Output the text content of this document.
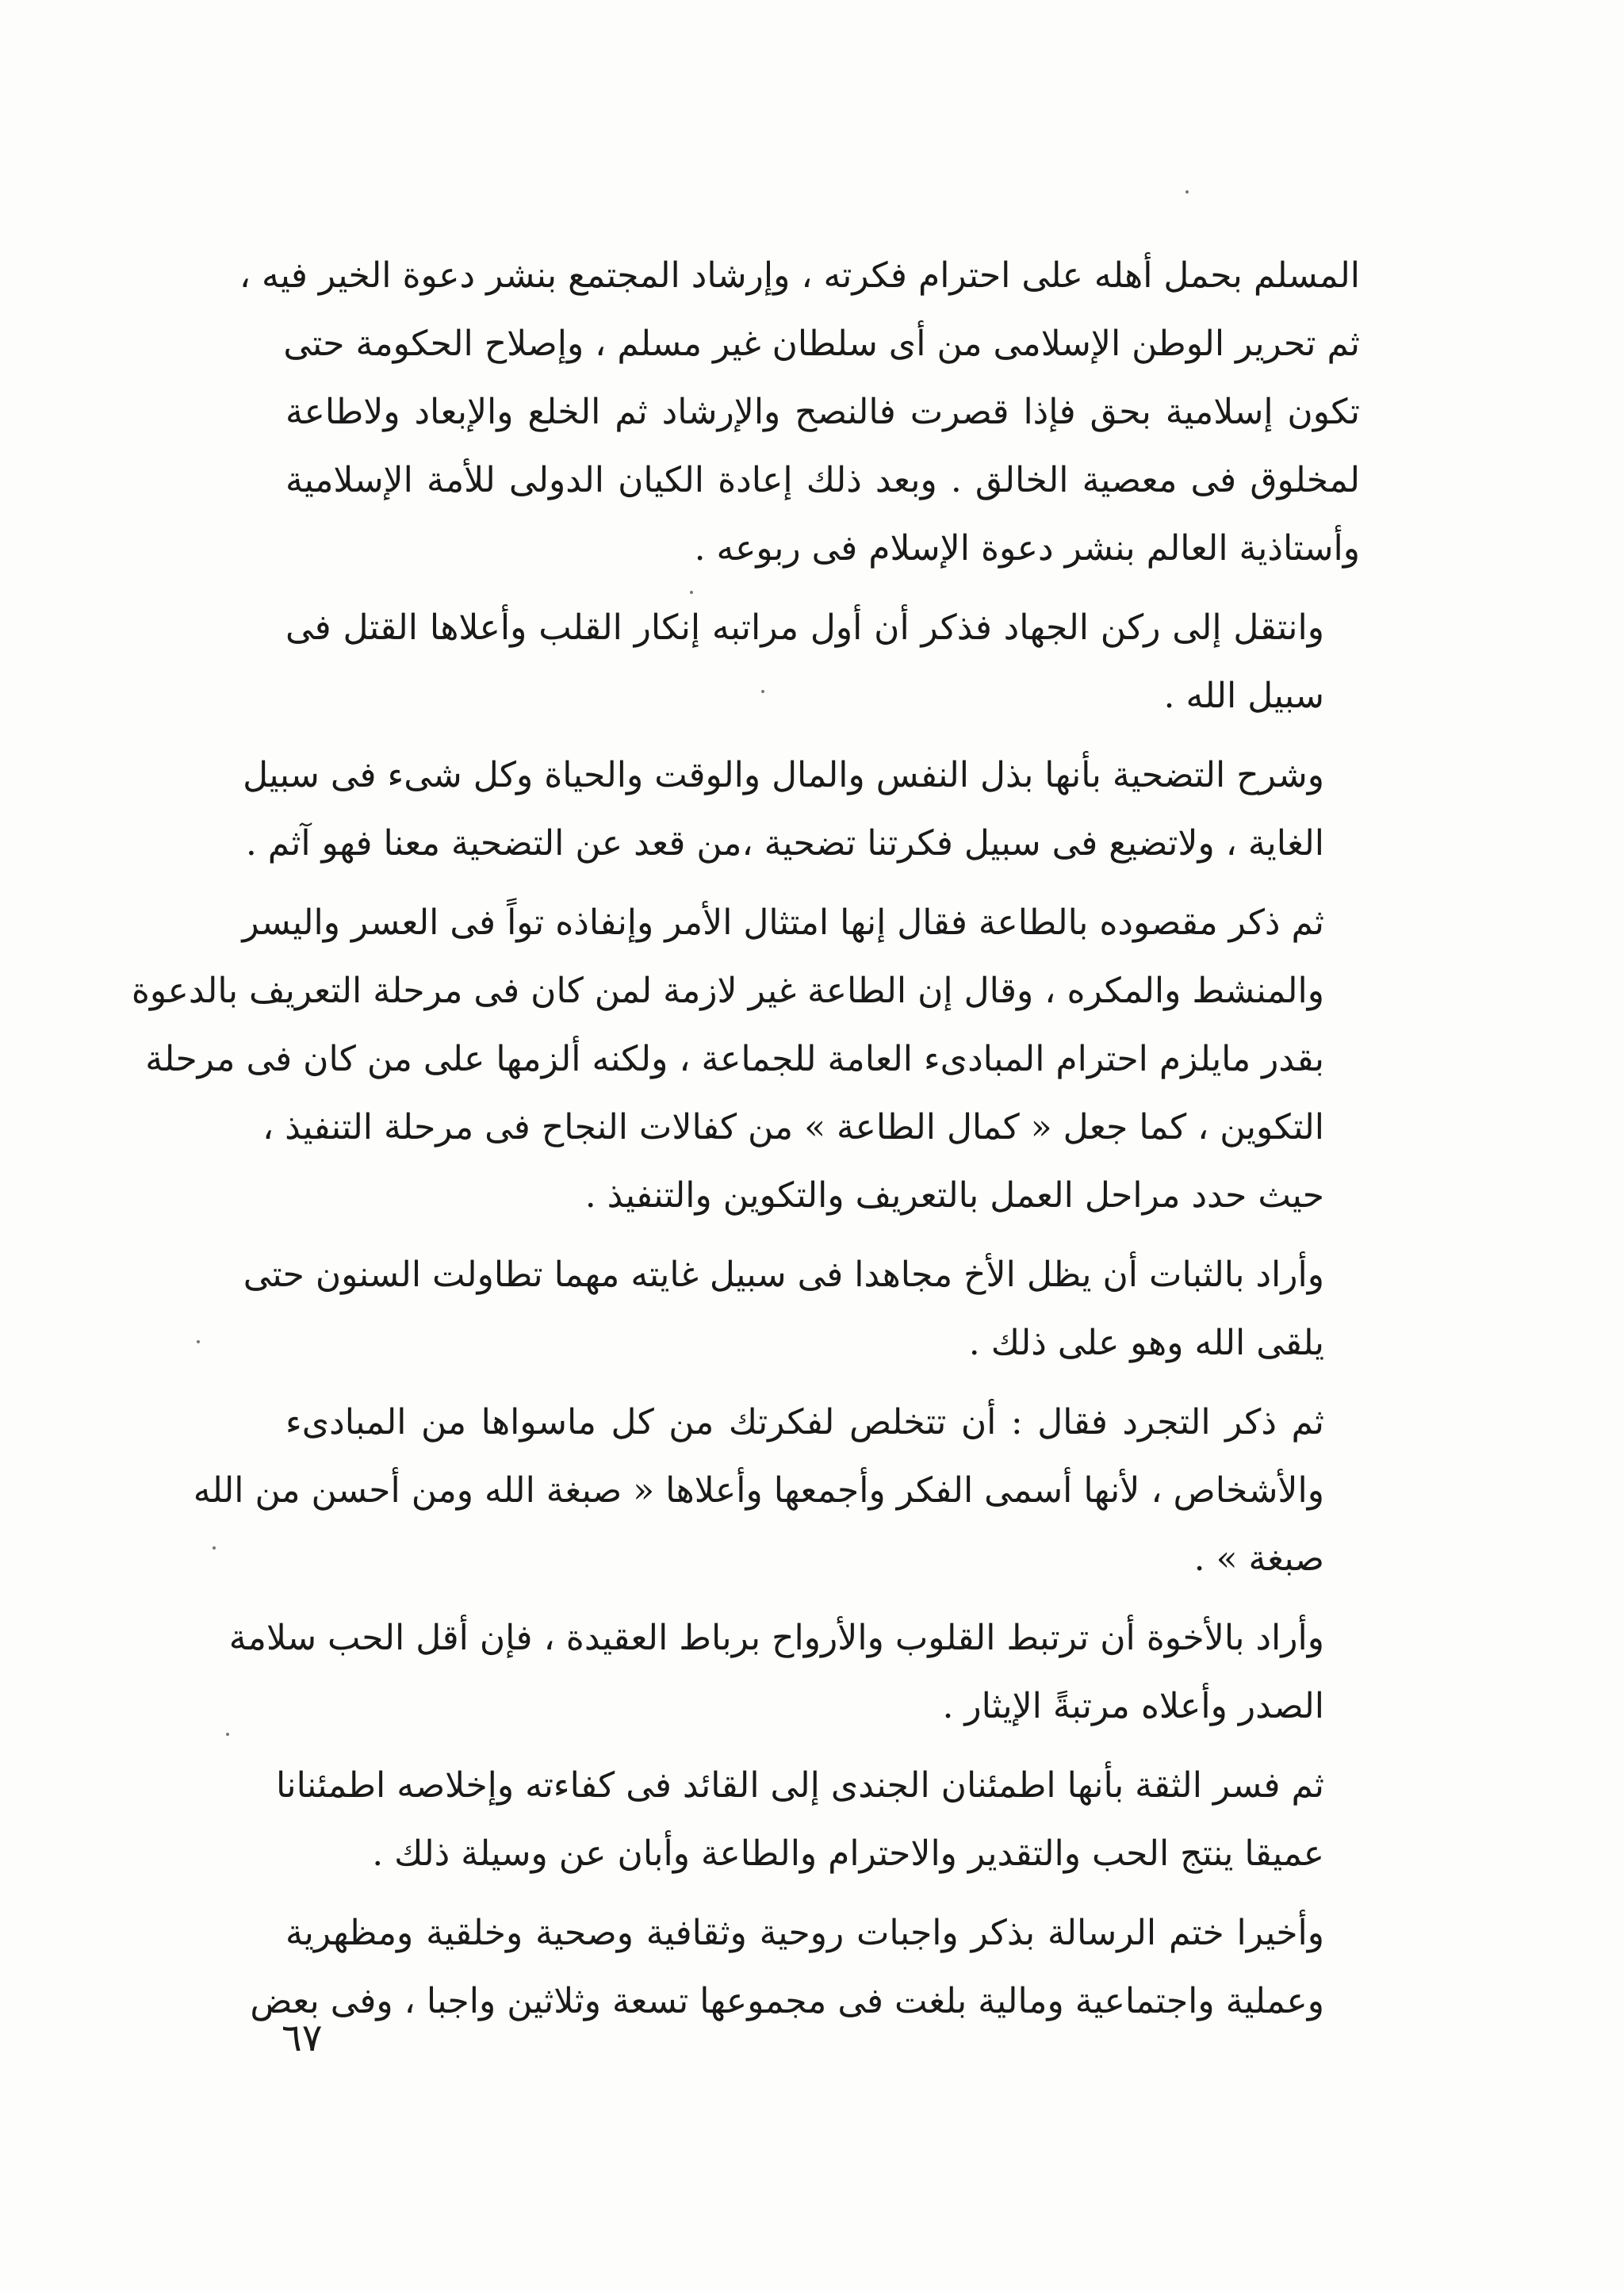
المسلم بحمل أهله على احترام فكرته ، وإرشاد المجتمع بنشر دعوة الخير فيه ،
ثم تحرير الوطن الإسلامى من أى سلطان غير مسلم ، وإصلاح الحكومة حتى
تكون إسلامية بحق فإذا قصرت فالنصح والإرشاد ثم الخلع والإبعاد ولاطاعة
لمخلوق فى معصية الخالق . وبعد ذلك إعادة الكيان الدولى للأمة الإسلامية
وأستاذية العالم بنشر دعوة الإسلام فى ربوعه .

وانتقل إلى ركن الجهاد فذكر أن أول مراتبه إنكار القلب وأعلاها القتل فى
سبيل الله .

وشرح التضحية بأنها بذل النفس والمال والوقت والحياة وكل شىء فى سبيل
الغاية ، ولاتضيع فى سبيل فكرتنا تضحية ،من قعد عن التضحية معنا فهو آثم .

ثم ذكر مقصوده بالطاعة فقال إنها امتثال الأمر وإنفاذه تواً فى العسر واليسر
والمنشط والمكره ، وقال إن الطاعة غير لازمة لمن كان فى مرحلة التعريف بالدعوة
بقدر مايلزم احترام المبادىء العامة للجماعة ، ولكنه ألزمها على من كان فى مرحلة
التكوين ، كما جعل « كمال الطاعة » من كفالات النجاح فى مرحلة التنفيذ ،
حيث حدد مراحل العمل بالتعريف والتكوين والتنفيذ .

وأراد بالثبات أن يظل الأخ مجاهدا فى سبيل غايته مهما تطاولت السنون حتى
يلقى الله وهو على ذلك .

ثم ذكر التجرد فقال : أن تتخلص لفكرتك من كل ماسواها من المبادىء
والأشخاص ، لأنها أسمى الفكر وأجمعها وأعلاها « صبغة الله ومن أحسن من الله
صبغة » .

وأراد بالأخوة أن ترتبط القلوب والأرواح برباط العقيدة ، فإن أقل الحب سلامة
الصدر وأعلاه مرتبةً الإيثار .

ثم فسر الثقة بأنها اطمئنان الجندى إلى القائد فى كفاءته وإخلاصه اطمئنانا
عميقا ينتج الحب والتقدير والاحترام والطاعة وأبان عن وسيلة ذلك .

وأخيرا ختم الرسالة بذكر واجبات روحية وثقافية وصحية وخلقية ومظهرية
وعملية واجتماعية ومالية بلغت فى مجموعها تسعة وثلاثين واجبا ، وفى بعض

٦٧
